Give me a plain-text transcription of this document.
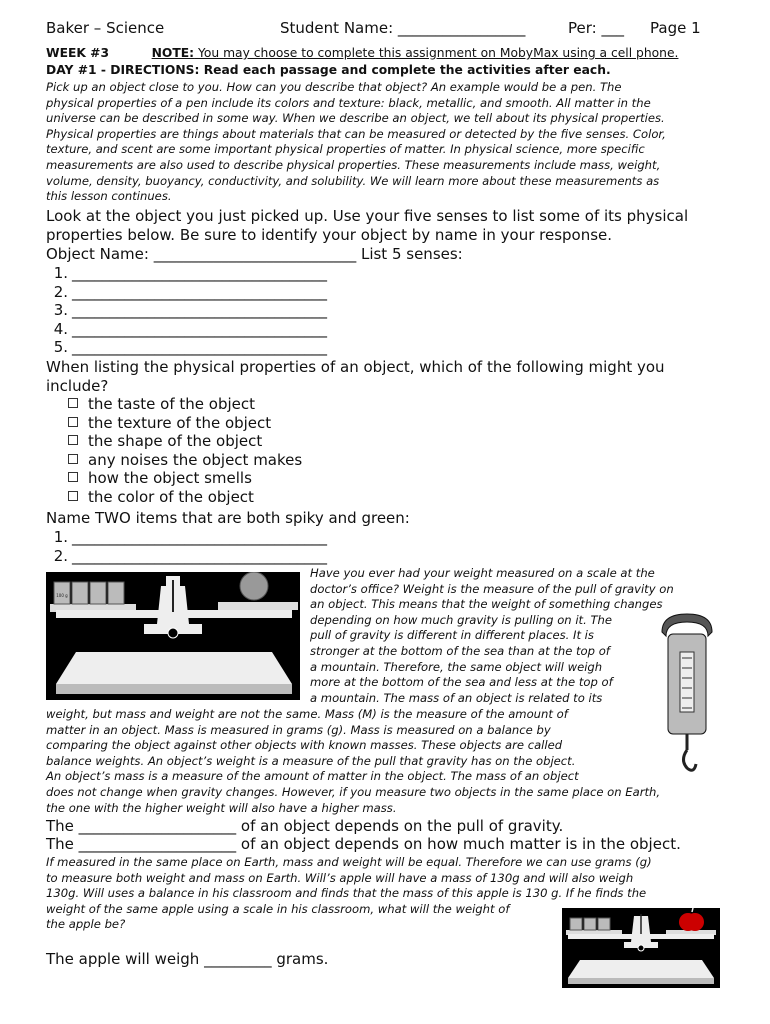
Baker – Science	Student Name: _________________	Per: ___ Page 1
WEEK #3	NOTE: You may choose to complete this assignment on MobyMax using a cell phone.
DAY #1 - DIRECTIONS: Read each passage and complete the activities after each.
Pick up an object close to you. How can you describe that object? An example would be a pen. The
physical properties of a pen include its colors and texture: black, metallic, and smooth. All matter in the
universe can be described in some way. When we describe an object, we tell about its physical properties.
Physical properties are things about materials that can be measured or detected by the five senses. Color,
texture, and scent are some important physical properties of matter. In physical science, more specific
measurements are also used to describe physical properties. These measurements include mass, weight,
volume, density, buoyancy, conductivity, and solubility. We will learn more about these measurements as
this lesson continues.
Look at the object you just picked up. Use your five senses to list some of its physical
properties below. Be sure to identify your object by name in your response.
Object Name: ___________________________ List 5 senses:
1. __________________________________
2. __________________________________
3. __________________________________
4. __________________________________
5. __________________________________
When listing the physical properties of an object, which of the following might you
include?
the taste of the object
the texture of the object
the shape of the object
any noises the object makes
how the object smells
the color of the object
Name TWO items that are both spiky and green:
1. __________________________________
2. __________________________________
100 g
Have you ever had your weight measured on a scale at the
doctor’s office? Weight is the measure of the pull of gravity on
an object. This means that the weight of something changes
depending on how much gravity is pulling on it. The
pull of gravity is different in different places. It is
stronger at the bottom of the sea than at the top of
a mountain. Therefore, the same object will weigh
more at the bottom of the sea and less at the top of
a mountain. The mass of an object is related to its
weight, but mass and weight are not the same. Mass (M) is the measure of the amount of
matter in an object. Mass is measured in grams (g). Mass is measured on a balance by
comparing the object against other objects with known masses. These objects are called
balance weights. An object’s weight is a measure of the pull that gravity has on the object.
An object’s mass is a measure of the amount of matter in the object. The mass of an object
does not change when gravity changes. However, if you measure two objects in the same place on Earth,
the one with the higher weight will also have a higher mass.
The _____________________ of an object depends on the pull of gravity.
The _____________________ of an object depends on how much matter is in the object.
If measured in the same place on Earth, mass and weight will be equal. Therefore we can use grams (g)
to measure both weight and mass on Earth. Will’s apple will have a mass of 130g and will also weigh
130g. Will uses a balance in his classroom and finds that the mass of this apple is 130 g. If he finds the
weight of the same apple using a scale in his classroom, what will the weight of
the apple be?
The apple will weigh _________ grams.
